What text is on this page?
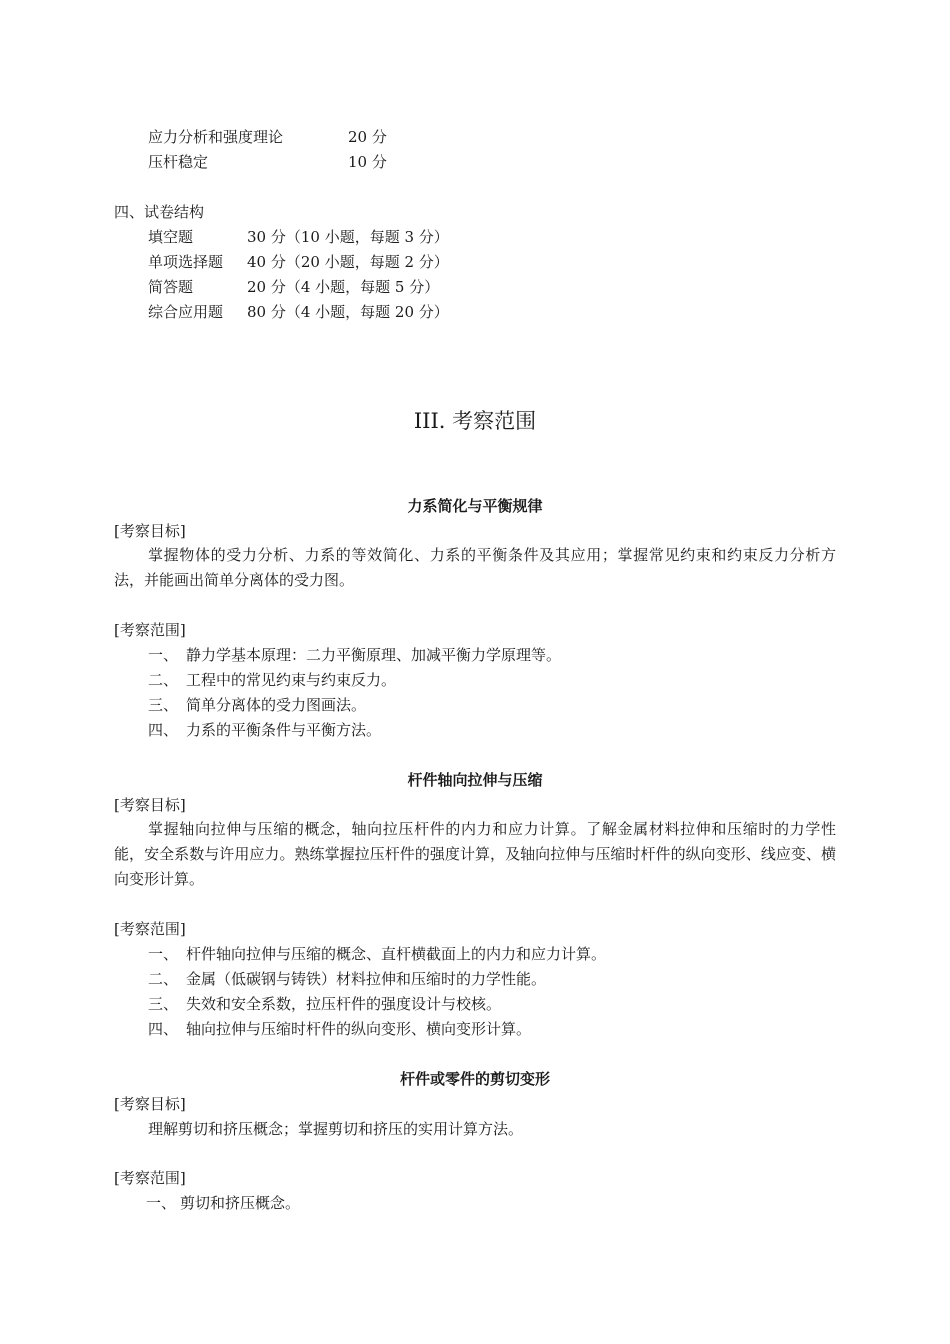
应力分析和强度理论	20 分
压杆稳定	10 分
四、试卷结构
填空题	30 分（10 小题，每题 3 分）
单项选择题 40 分（20 小题，每题 2 分）
简答题	20 分（4 小题，每题 5 分）
综合应用题 80 分（4 小题，每题 20 分）
III. 考察范围
力系简化与平衡规律
[考察目标]
掌握物体的受力分析、力系的等效简化、力系的平衡条件及其应用；掌握常见约束和约束反力分析方法，并能画出简单分离体的受力图。
[考察范围]
一、 静力学基本原理：二力平衡原理、加减平衡力学原理等。
二、 工程中的常见约束与约束反力。
三、 简单分离体的受力图画法。
四、 力系的平衡条件与平衡方法。
杆件轴向拉伸与压缩
[考察目标]
掌握轴向拉伸与压缩的概念，轴向拉压杆件的内力和应力计算。了解金属材料拉伸和压缩时的力学性能，安全系数与许用应力。熟练掌握拉压杆件的强度计算，及轴向拉伸与压缩时杆件的纵向变形、线应变、横向变形计算。
[考察范围]
一、 杆件轴向拉伸与压缩的概念、直杆横截面上的内力和应力计算。
二、 金属（低碳钢与铸铁）材料拉伸和压缩时的力学性能。
三、 失效和安全系数，拉压杆件的强度设计与校核。
四、 轴向拉伸与压缩时杆件的纵向变形、横向变形计算。
杆件或零件的剪切变形
[考察目标]
理解剪切和挤压概念；掌握剪切和挤压的实用计算方法。
[考察范围]
一、 剪切和挤压概念。
